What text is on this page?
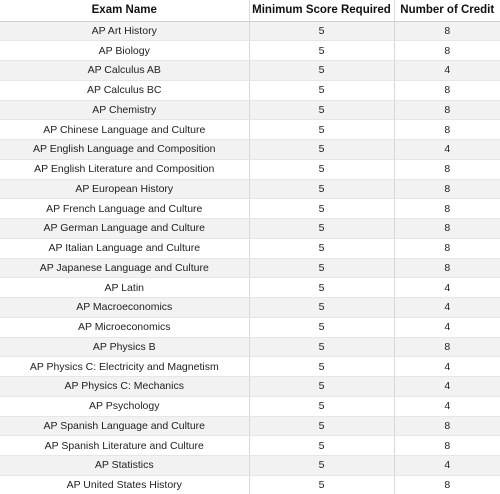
Exam Name	Minimum Score Required	Number of Credit
AP Art History	5	8
AP Biology	5	8
AP Calculus AB	5	4
AP Calculus BC	5	8
AP Chemistry	5	8
AP Chinese Language and Culture	5	8
AP English Language and Composition	5	4
AP English Literature and Composition	5	8
AP European History	5	8
AP French Language and Culture	5	8
AP German Language and Culture	5	8
AP Italian Language and Culture	5	8
AP Japanese Language and Culture	5	8
AP Latin	5	4
AP Macroeconomics	5	4
AP Microeconomics	5	4
AP Physics B	5	8
AP Physics C: Electricity and Magnetism	5	4
AP Physics C: Mechanics	5	4
AP Psychology	5	4
AP Spanish Language and Culture	5	8
AP Spanish Literature and Culture	5	8
AP Statistics	5	4
AP United States History	5	8
